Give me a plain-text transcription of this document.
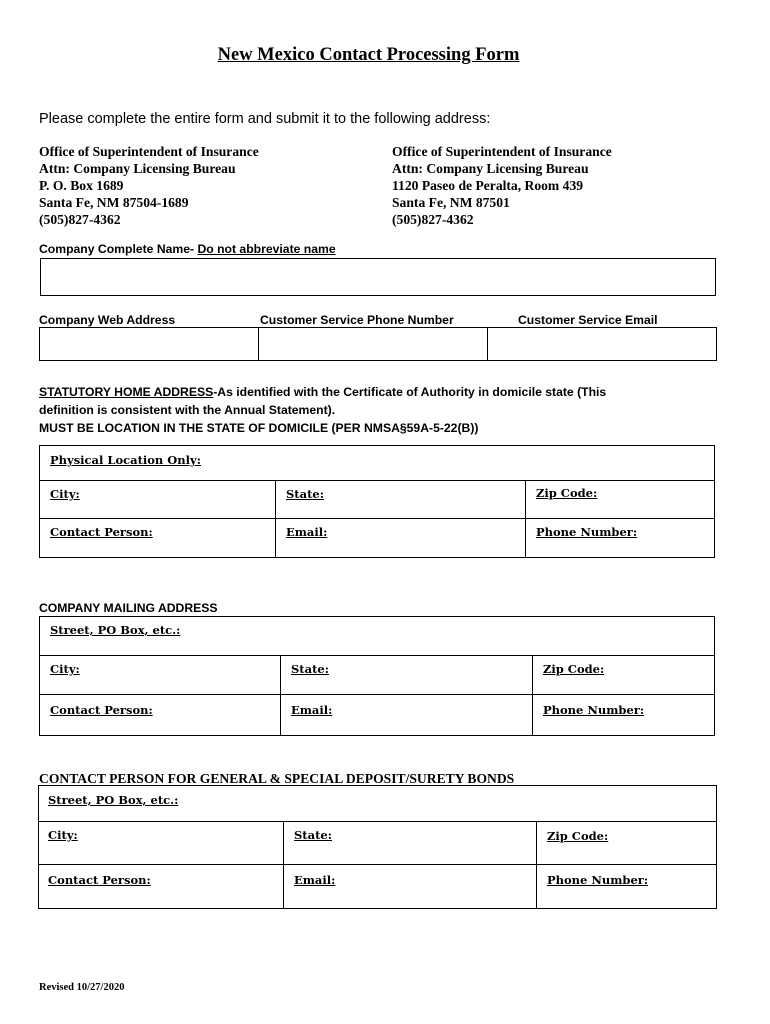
New Mexico Contact Processing Form
Please complete the entire form and submit it to the following address:
Office of Superintendent of Insurance
Attn: Company Licensing Bureau
P. O. Box 1689
Santa Fe, NM 87504-1689
(505)827-4362
Office of Superintendent of Insurance
Attn: Company Licensing Bureau
1120 Paseo de Peralta, Room 439
Santa Fe, NM 87501
(505)827-4362
Company Complete Name- Do not abbreviate name
Company Web Address	Customer Service Phone Number	Customer Service Email
STATUTORY HOME ADDRESS-As identified with the Certificate of Authority in domicile state (This
definition is consistent with the Annual Statement).
MUST BE LOCATION IN THE STATE OF DOMICILE (PER NMSA§59A-5-22(B))
Physical Location Only:
City:	State:	Zip Code:
Contact Person:	Email:	Phone Number:
COMPANY MAILING ADDRESS
Street, PO Box, etc.:
City:	State:	Zip Code:
Contact Person:	Email:	Phone Number:
CONTACT PERSON FOR GENERAL & SPECIAL DEPOSIT/SURETY BONDS
Street, PO Box, etc.:
City:	State:	Zip Code:
Contact Person:	Email:	Phone Number:
Revised 10/27/2020
